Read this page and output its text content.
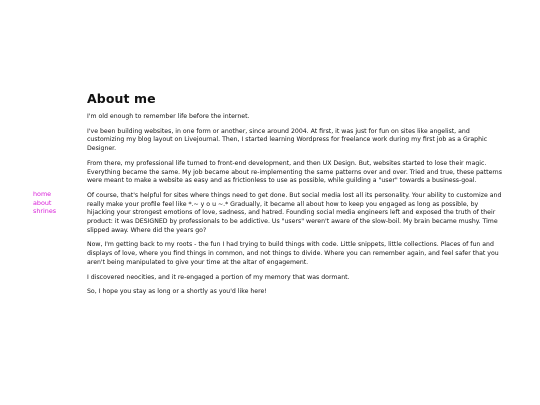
home
about
shrines
About me

I'm old enough to remember life before the internet.

I've been building websites, in one form or another, since around 2004. At first, it was just for fun on sites like angelist, and customizing my blog layout on Livejournal. Then, I started learning Wordpress for freelance work during my first job as a Graphic Designer.

From there, my professional life turned to front-end development, and then UX Design. But, websites started to lose their magic. Everything became the same. My job became about re-implementing the same patterns over and over. Tried and true, these patterns were meant to make a website as easy and as frictionless to use as possible, while guilding a "user" towards a business-goal.

Of course, that's helpful for sites where things need to get done. But social media lost all its personality. Your ability to customize and really make your profile feel like *.~ y o u ~.* Gradually, it became all about how to keep you engaged as long as possible, by hijacking your strongest emotions of love, sadness, and hatred. Founding social media engineers left and exposed the truth of their product: it was DESIGNED by professionals to be addictive. Us "users" weren't aware of the slow-boil. My brain became mushy. Time slipped away. Where did the years go?

Now, I'm getting back to my roots - the fun I had trying to build things with code. Little snippets, little collections. Places of fun and displays of love, where you find things in common, and not things to divide. Where you can remember again, and feel safer that you aren't being manipulated to give your time at the altar of engagement.

I discovered neocities, and it re-engaged a portion of my memory that was dormant.

So, I hope you stay as long or a shortly as you'd like here!
